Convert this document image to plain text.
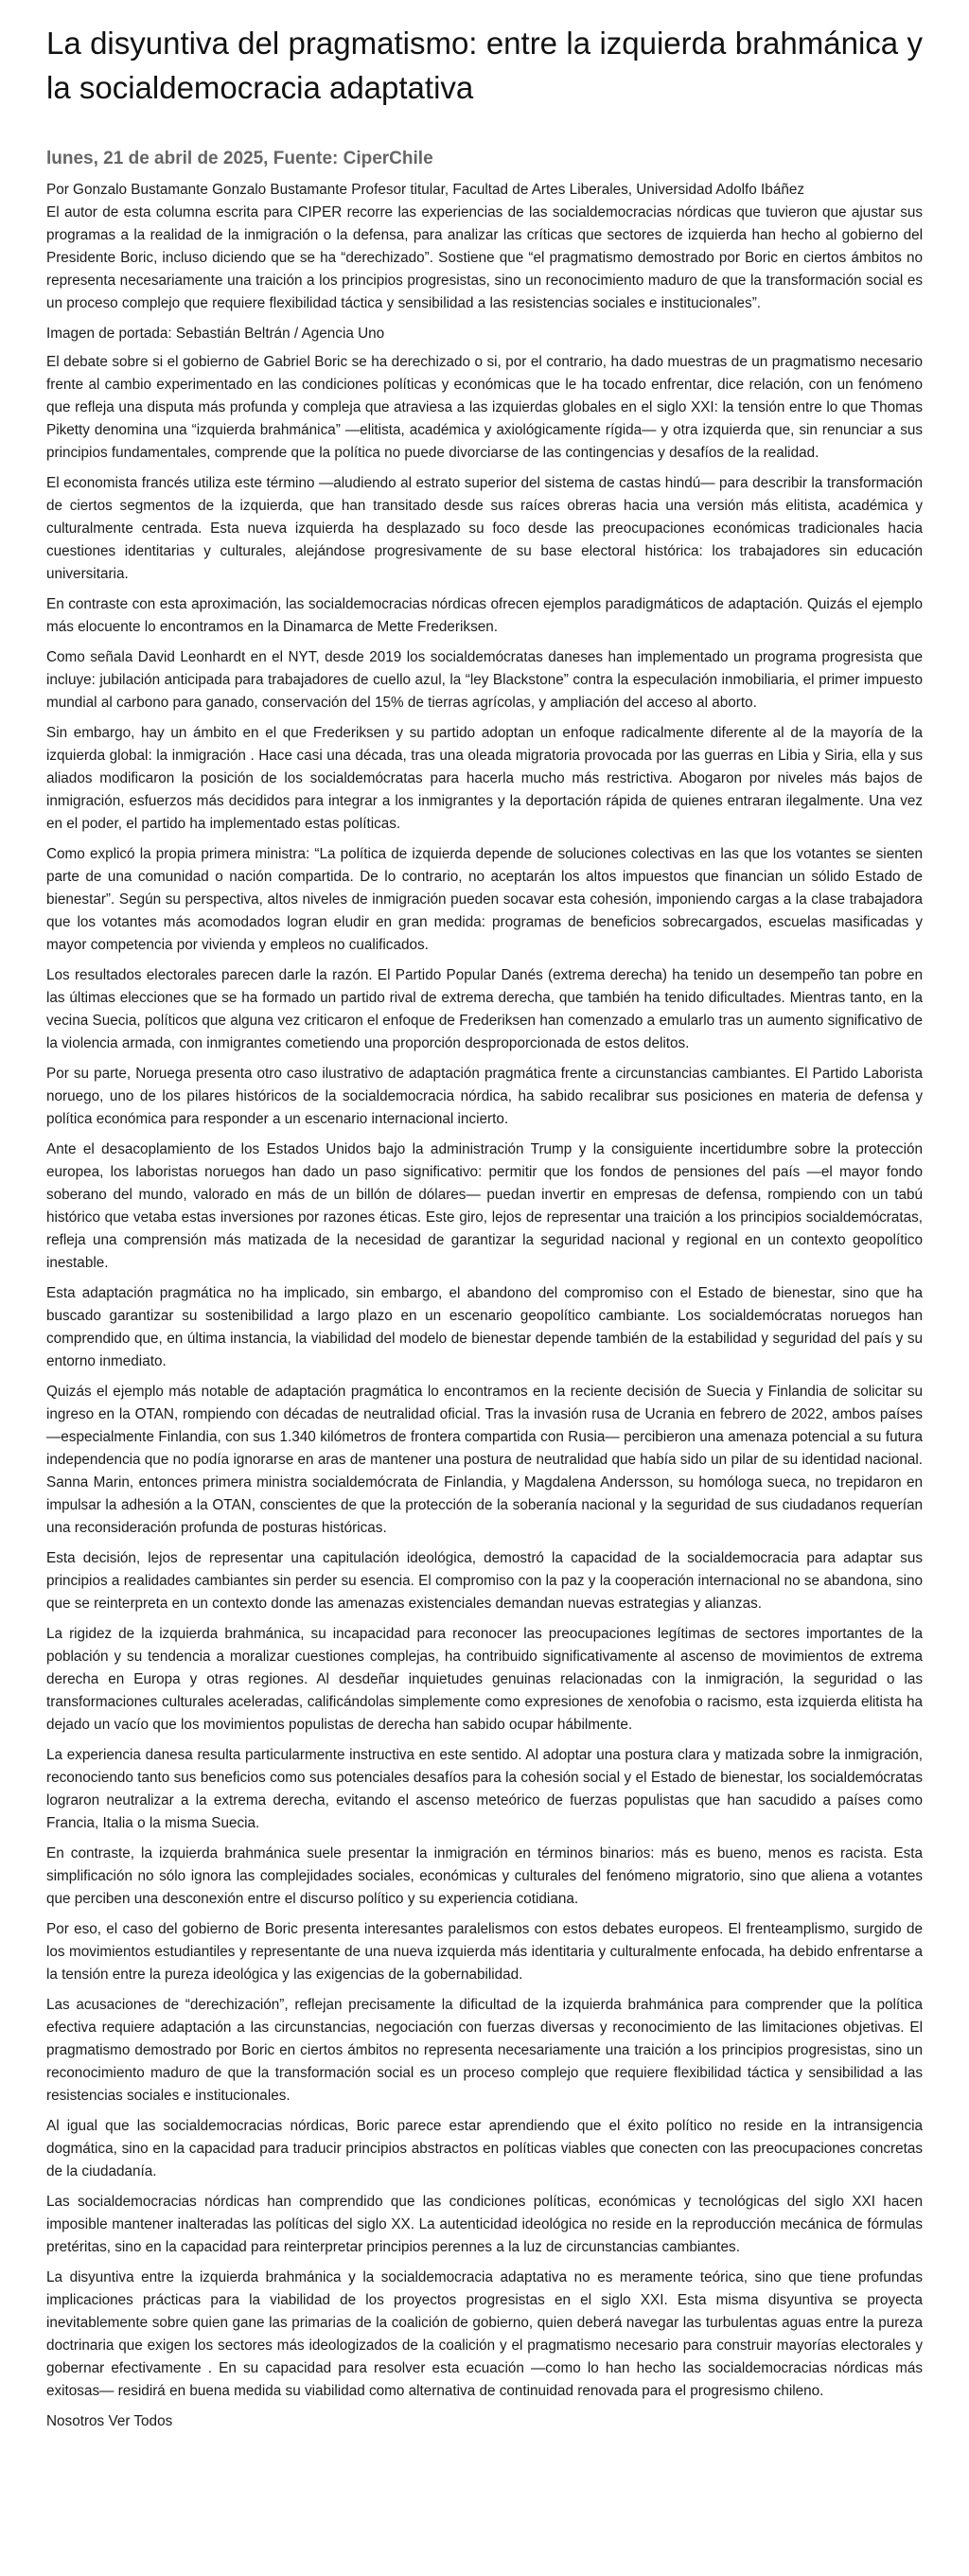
La disyuntiva del pragmatismo: entre la izquierda brahmánica y la socialdemocracia adaptativa
lunes, 21 de abril de 2025, Fuente: CiperChile
Por Gonzalo Bustamante Gonzalo Bustamante Profesor titular, Facultad de Artes Liberales, Universidad Adolfo Ibáñez

El autor de esta columna escrita para CIPER recorre las experiencias de las socialdemocracias nórdicas que tuvieron que ajustar sus programas a la realidad de la inmigración o la defensa, para analizar las críticas que sectores de izquierda han hecho al gobierno del Presidente Boric, incluso diciendo que se ha “derechizado”. Sostiene que “el pragmatismo demostrado por Boric en ciertos ámbitos no representa necesariamente una traición a los principios progresistas, sino un reconocimiento maduro de que la transformación social es un proceso complejo que requiere flexibilidad táctica y sensibilidad a las resistencias sociales e institucionales”.

Imagen de portada: Sebastián Beltrán / Agencia Uno

El debate sobre si el gobierno de Gabriel Boric se ha derechizado o si, por el contrario, ha dado muestras de un pragmatismo necesario frente al cambio experimentado en las condiciones políticas y económicas que le ha tocado enfrentar, dice relación, con un fenómeno que refleja una disputa más profunda y compleja que atraviesa a las izquierdas globales en el siglo XXI: la tensión entre lo que Thomas Piketty denomina una “izquierda brahmánica” —elitista, académica y axiológicamente rígida— y otra izquierda que, sin renunciar a sus principios fundamentales, comprende que la política no puede divorciarse de las contingencias y desafíos de la realidad.

El economista francés utiliza este término —aludiendo al estrato superior del sistema de castas hindú— para describir la transformación de ciertos segmentos de la izquierda, que han transitado desde sus raíces obreras hacia una versión más elitista, académica y culturalmente centrada. Esta nueva izquierda ha desplazado su foco desde las preocupaciones económicas tradicionales hacia cuestiones identitarias y culturales, alejándose progresivamente de su base electoral histórica: los trabajadores sin educación universitaria.

En contraste con esta aproximación, las socialdemocracias nórdicas ofrecen ejemplos paradigmáticos de adaptación. Quizás el ejemplo más elocuente lo encontramos en la Dinamarca de Mette Frederiksen.

Como señala David Leonhardt en el NYT, desde 2019 los socialdemócratas daneses han implementado un programa progresista que incluye: jubilación anticipada para trabajadores de cuello azul, la “ley Blackstone” contra la especulación inmobiliaria, el primer impuesto mundial al carbono para ganado, conservación del 15% de tierras agrícolas, y ampliación del acceso al aborto.

Sin embargo, hay un ámbito en el que Frederiksen y su partido adoptan un enfoque radicalmente diferente al de la mayoría de la izquierda global: la inmigración . Hace casi una década, tras una oleada migratoria provocada por las guerras en Libia y Siria, ella y sus aliados modificaron la posición de los socialdemócratas para hacerla mucho más restrictiva. Abogaron por niveles más bajos de inmigración, esfuerzos más decididos para integrar a los inmigrantes y la deportación rápida de quienes entraran ilegalmente. Una vez en el poder, el partido ha implementado estas políticas.

Como explicó la propia primera ministra: “La política de izquierda depende de soluciones colectivas en las que los votantes se sienten parte de una comunidad o nación compartida. De lo contrario, no aceptarán los altos impuestos que financian un sólido Estado de bienestar”. Según su perspectiva, altos niveles de inmigración pueden socavar esta cohesión, imponiendo cargas a la clase trabajadora que los votantes más acomodados logran eludir en gran medida: programas de beneficios sobrecargados, escuelas masificadas y mayor competencia por vivienda y empleos no cualificados.

Los resultados electorales parecen darle la razón. El Partido Popular Danés (extrema derecha) ha tenido un desempeño tan pobre en las últimas elecciones que se ha formado un partido rival de extrema derecha, que también ha tenido dificultades. Mientras tanto, en la vecina Suecia, políticos que alguna vez criticaron el enfoque de Frederiksen han comenzado a emularlo tras un aumento significativo de la violencia armada, con inmigrantes cometiendo una proporción desproporcionada de estos delitos.

Por su parte, Noruega presenta otro caso ilustrativo de adaptación pragmática frente a circunstancias cambiantes. El Partido Laborista noruego, uno de los pilares históricos de la socialdemocracia nórdica, ha sabido recalibrar sus posiciones en materia de defensa y política económica para responder a un escenario internacional incierto.

Ante el desacoplamiento de los Estados Unidos bajo la administración Trump y la consiguiente incertidumbre sobre la protección europea, los laboristas noruegos han dado un paso significativo: permitir que los fondos de pensiones del país —el mayor fondo soberano del mundo, valorado en más de un billón de dólares— puedan invertir en empresas de defensa, rompiendo con un tabú histórico que vetaba estas inversiones por razones éticas. Este giro, lejos de representar una traición a los principios socialdemócratas, refleja una comprensión más matizada de la necesidad de garantizar la seguridad nacional y regional en un contexto geopolítico inestable.

Esta adaptación pragmática no ha implicado, sin embargo, el abandono del compromiso con el Estado de bienestar, sino que ha buscado garantizar su sostenibilidad a largo plazo en un escenario geopolítico cambiante. Los socialdemócratas noruegos han comprendido que, en última instancia, la viabilidad del modelo de bienestar depende también de la estabilidad y seguridad del país y su entorno inmediato.

Quizás el ejemplo más notable de adaptación pragmática lo encontramos en la reciente decisión de Suecia y Finlandia de solicitar su ingreso en la OTAN, rompiendo con décadas de neutralidad oficial. Tras la invasión rusa de Ucrania en febrero de 2022, ambos países —especialmente Finlandia, con sus 1.340 kilómetros de frontera compartida con Rusia— percibieron una amenaza potencial a su futura independencia que no podía ignorarse en aras de mantener una postura de neutralidad que había sido un pilar de su identidad nacional. Sanna Marin, entonces primera ministra socialdemócrata de Finlandia, y Magdalena Andersson, su homóloga sueca, no trepidaron en impulsar la adhesión a la OTAN, conscientes de que la protección de la soberanía nacional y la seguridad de sus ciudadanos requerían una reconsideración profunda de posturas históricas.

Esta decisión, lejos de representar una capitulación ideológica, demostró la capacidad de la socialdemocracia para adaptar sus principios a realidades cambiantes sin perder su esencia. El compromiso con la paz y la cooperación internacional no se abandona, sino que se reinterpreta en un contexto donde las amenazas existenciales demandan nuevas estrategias y alianzas.

La rigidez de la izquierda brahmánica, su incapacidad para reconocer las preocupaciones legítimas de sectores importantes de la población y su tendencia a moralizar cuestiones complejas, ha contribuido significativamente al ascenso de movimientos de extrema derecha en Europa y otras regiones. Al desdeñar inquietudes genuinas relacionadas con la inmigración, la seguridad o las transformaciones culturales aceleradas, calificándolas simplemente como expresiones de xenofobia o racismo, esta izquierda elitista ha dejado un vacío que los movimientos populistas de derecha han sabido ocupar hábilmente.

La experiencia danesa resulta particularmente instructiva en este sentido. Al adoptar una postura clara y matizada sobre la inmigración, reconociendo tanto sus beneficios como sus potenciales desafíos para la cohesión social y el Estado de bienestar, los socialdemócratas lograron neutralizar a la extrema derecha, evitando el ascenso meteórico de fuerzas populistas que han sacudido a países como Francia, Italia o la misma Suecia.

En contraste, la izquierda brahmánica suele presentar la inmigración en términos binarios: más es bueno, menos es racista. Esta simplificación no sólo ignora las complejidades sociales, económicas y culturales del fenómeno migratorio, sino que aliena a votantes que perciben una desconexión entre el discurso político y su experiencia cotidiana.

Por eso, el caso del gobierno de Boric presenta interesantes paralelismos con estos debates europeos. El frenteamplismo, surgido de los movimientos estudiantiles y representante de una nueva izquierda más identitaria y culturalmente enfocada, ha debido enfrentarse a la tensión entre la pureza ideológica y las exigencias de la gobernabilidad.

Las acusaciones de “derechización”, reflejan precisamente la dificultad de la izquierda brahmánica para comprender que la política efectiva requiere adaptación a las circunstancias, negociación con fuerzas diversas y reconocimiento de las limitaciones objetivas. El pragmatismo demostrado por Boric en ciertos ámbitos no representa necesariamente una traición a los principios progresistas, sino un reconocimiento maduro de que la transformación social es un proceso complejo que requiere flexibilidad táctica y sensibilidad a las resistencias sociales e institucionales.

Al igual que las socialdemocracias nórdicas, Boric parece estar aprendiendo que el éxito político no reside en la intransigencia dogmática, sino en la capacidad para traducir principios abstractos en políticas viables que conecten con las preocupaciones concretas de la ciudadanía.

Las socialdemocracias nórdicas han comprendido que las condiciones políticas, económicas y tecnológicas del siglo XXI hacen imposible mantener inalteradas las políticas del siglo XX. La autenticidad ideológica no reside en la reproducción mecánica de fórmulas pretéritas, sino en la capacidad para reinterpretar principios perennes a la luz de circunstancias cambiantes.

La disyuntiva entre la izquierda brahmánica y la socialdemocracia adaptativa no es meramente teórica, sino que tiene profundas implicaciones prácticas para la viabilidad de los proyectos progresistas en el siglo XXI. Esta misma disyuntiva se proyecta inevitablemente sobre quien gane las primarias de la coalición de gobierno, quien deberá navegar las turbulentas aguas entre la pureza doctrinaria que exigen los sectores más ideologizados de la coalición y el pragmatismo necesario para construir mayorías electorales y gobernar efectivamente . En su capacidad para resolver esta ecuación —como lo han hecho las socialdemocracias nórdicas más exitosas— residirá en buena medida su viabilidad como alternativa de continuidad renovada para el progresismo chileno.

Nosotros Ver Todos
